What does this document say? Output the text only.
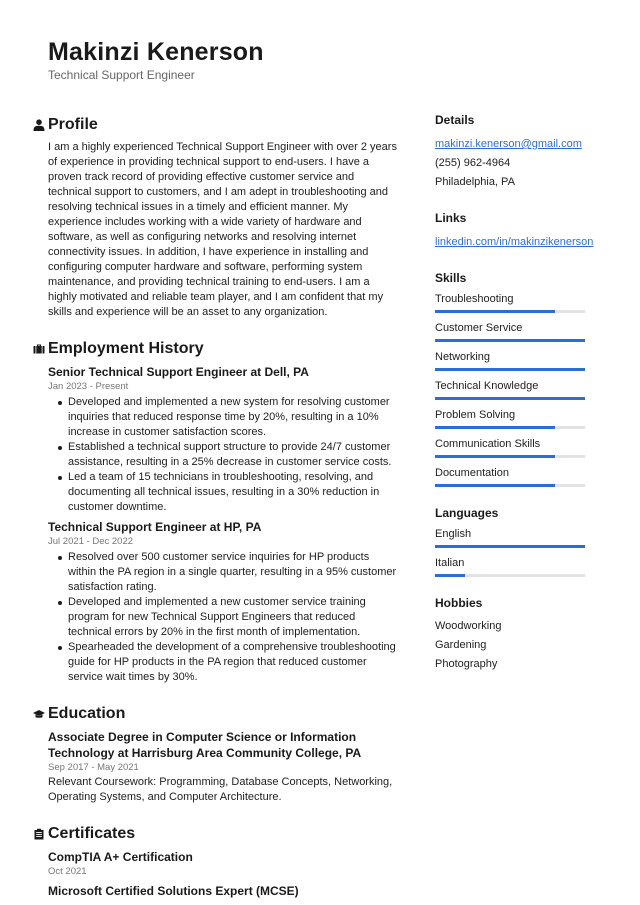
Makinzi Kenerson
Technical Support Engineer
Profile

I am a highly experienced Technical Support Engineer with over 2 years of experience in providing technical support to end-users. I have a proven track record of providing effective customer service and technical support to customers, and I am adept in troubleshooting and resolving technical issues in a timely and efficient manner. My experience includes working with a wide variety of hardware and software, as well as configuring networks and resolving internet connectivity issues. In addition, I have experience in installing and configuring computer hardware and software, performing system maintenance, and providing technical training to end-users. I am a highly motivated and reliable team player, and I am confident that my skills and experience will be an asset to any organization.

Employment History
Senior Technical Support Engineer at Dell, PA
Jan 2023 - Present
Developed and implemented a new system for resolving customer inquiries that reduced response time by 20%, resulting in a 10% increase in customer satisfaction scores.
Established a technical support structure to provide 24/7 customer assistance, resulting in a 25% decrease in customer service costs.
Led a team of 15 technicians in troubleshooting, resolving, and documenting all technical issues, resulting in a 30% reduction in customer downtime.
Technical Support Engineer at HP, PA
Jul 2021 - Dec 2022
Resolved over 500 customer service inquiries for HP products within the PA region in a single quarter, resulting in a 95% customer satisfaction rating.
Developed and implemented a new customer service training program for new Technical Support Engineers that reduced technical errors by 20% in the first month of implementation.
Spearheaded the development of a comprehensive troubleshooting guide for HP products in the PA region that reduced customer service wait times by 30%.
Education
Associate Degree in Computer Science or Information Technology at Harrisburg Area Community College, PA
Sep 2017 - May 2021

Relevant Coursework: Programming, Database Concepts, Networking, Operating Systems, and Computer Architecture.

Certificates
CompTIA A+ Certification
Oct 2021
Microsoft Certified Solutions Expert (MCSE)
Details
makinzi.kenerson@gmail.com
(255) 962-4964
Philadelphia, PA
Links
linkedin.com/in/makinzikenerson
Skills
Troubleshooting
Customer Service
Networking
Technical Knowledge
Problem Solving
Communication Skills
Documentation
Languages
English
Italian
Hobbies
Woodworking
Gardening
Photography
